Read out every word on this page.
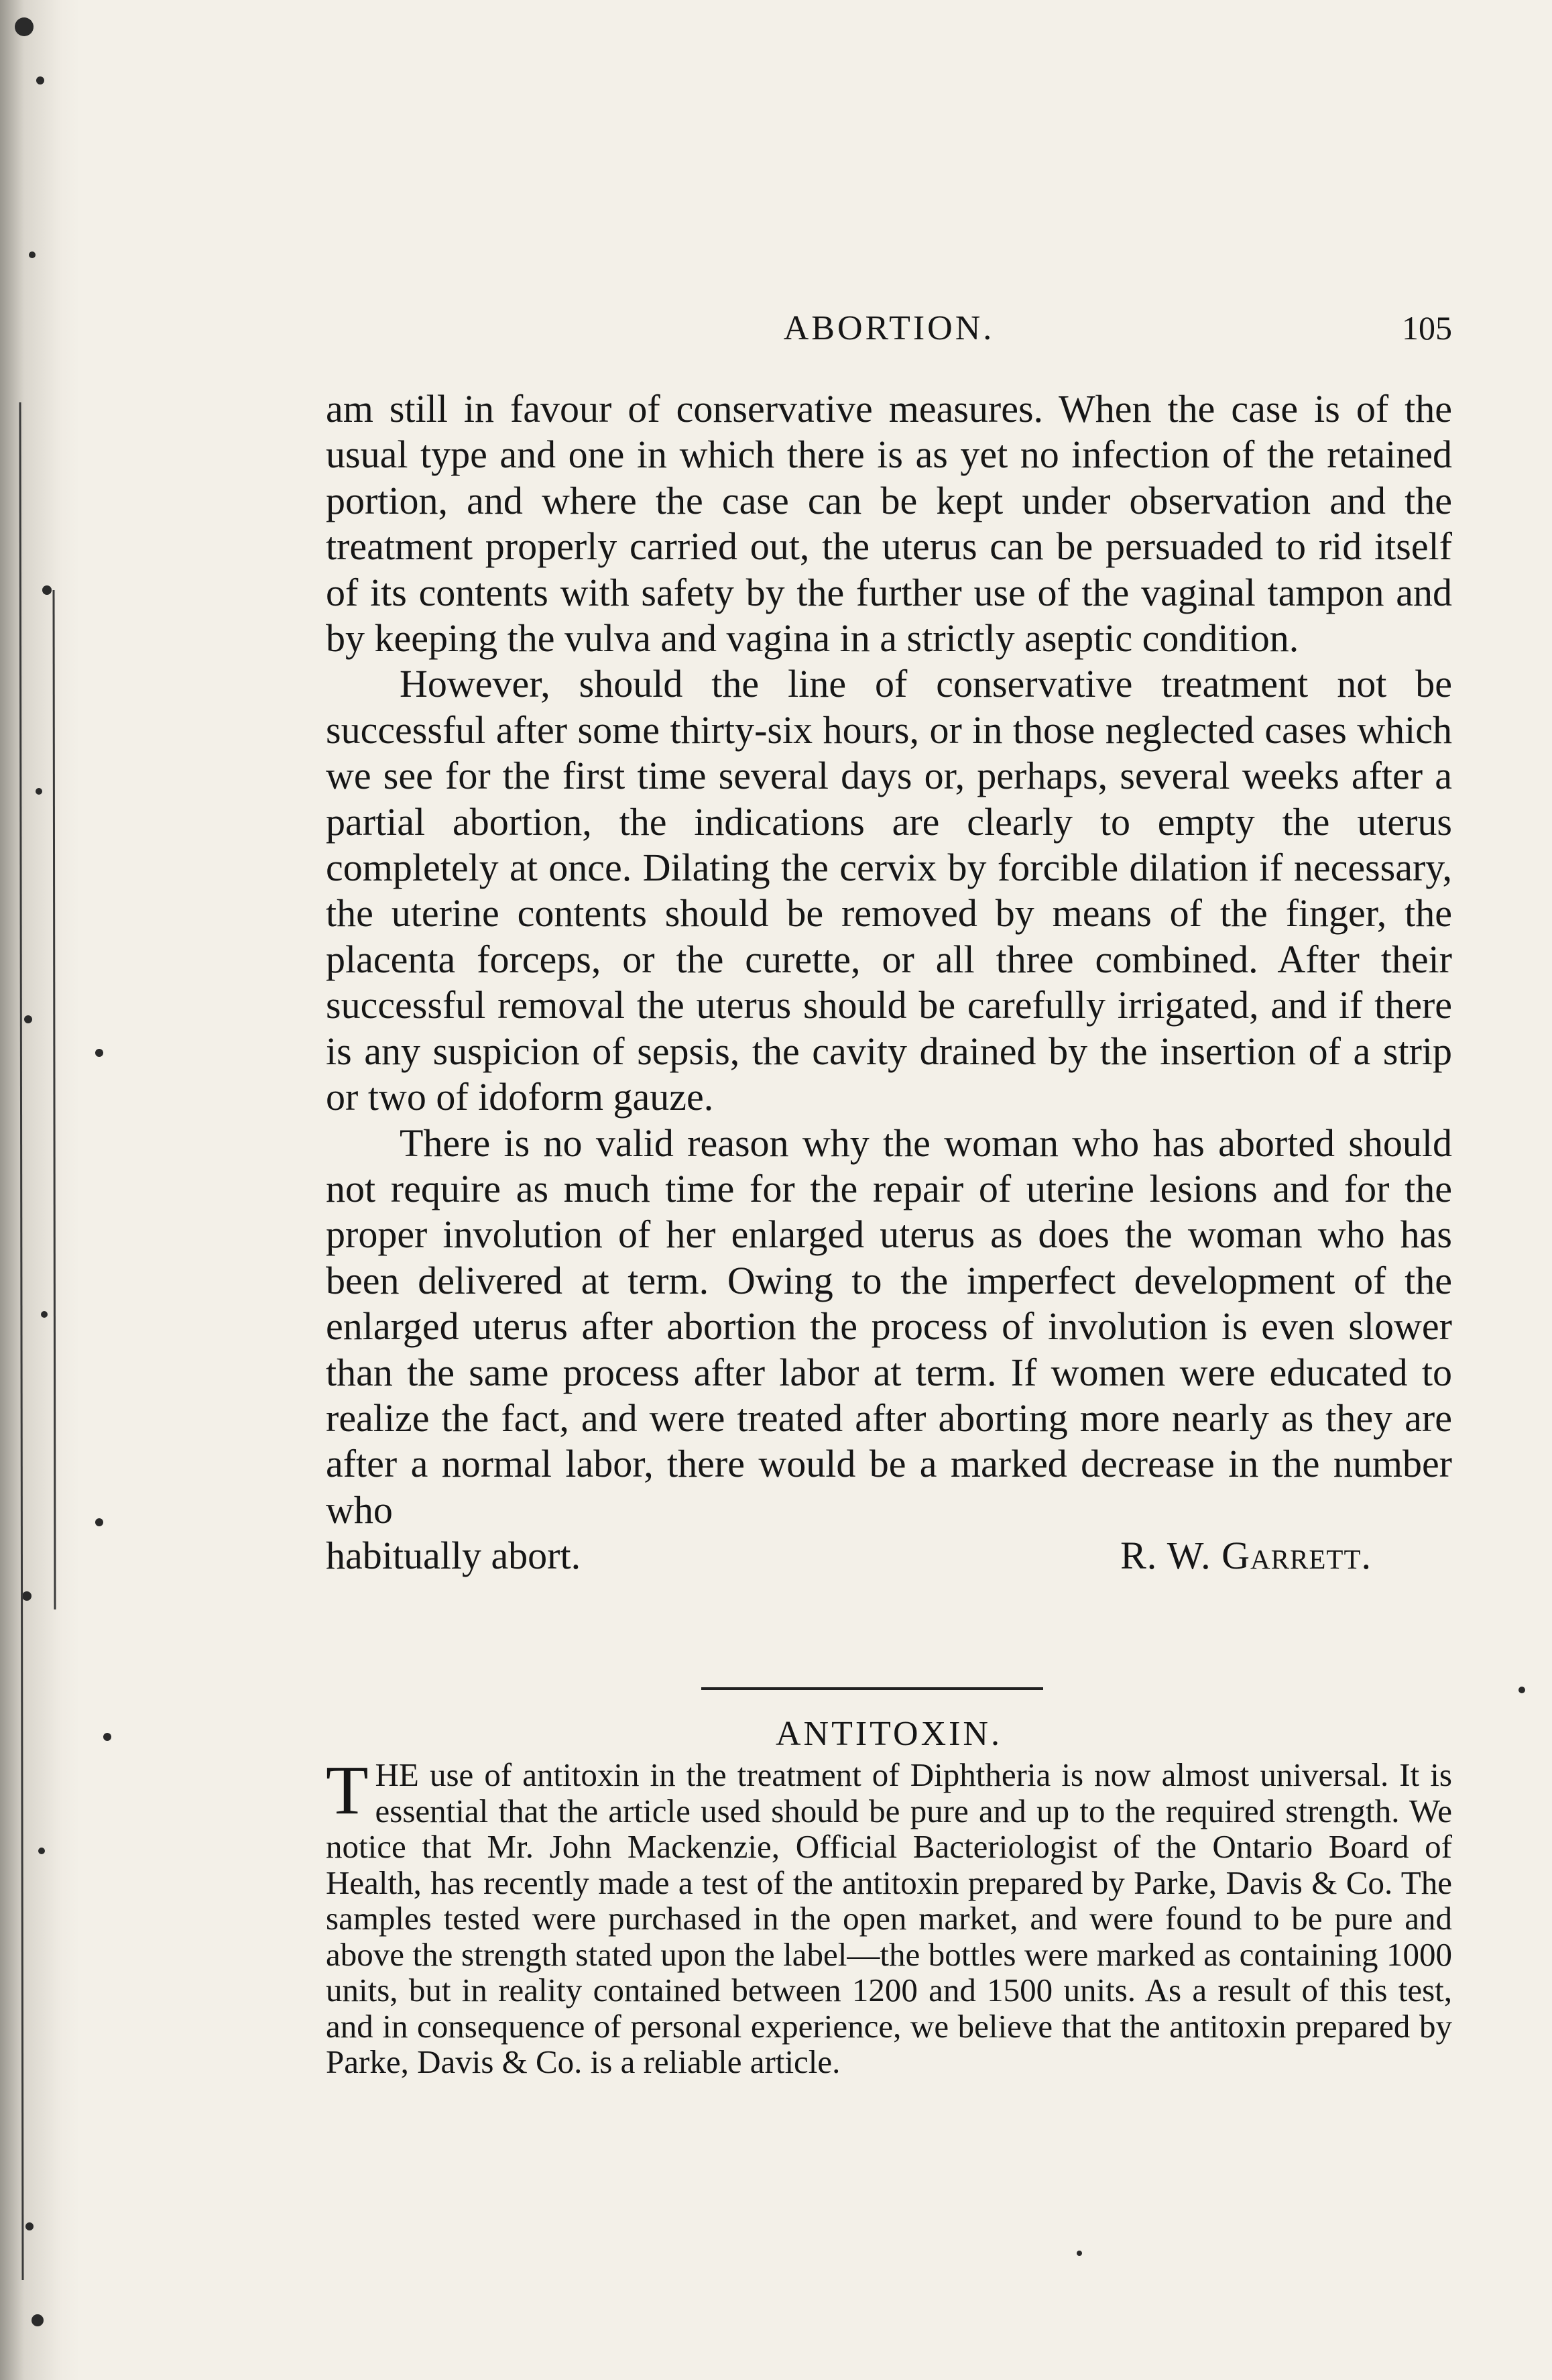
ABORTION.	105

am still in favour of conservative measures. When the case is of the usual type and one in which there is as yet no infection of the retained portion, and where the case can be kept under observation and the treatment properly carried out, the uterus can be persuaded to rid itself of its contents with safety by the further use of the vaginal tampon and by keeping the vulva and vagina in a strictly aseptic condition.

However, should the line of conservative treatment not be successful after some thirty-six hours, or in those neglected cases which we see for the first time several days or, perhaps, several weeks after a partial abortion, the indications are clearly to empty the uterus completely at once. Dilating the cervix by forcible dilation if necessary, the uterine contents should be removed by means of the finger, the placenta forceps, or the curette, or all three combined. After their successful removal the uterus should be carefully irrigated, and if there is any suspicion of sepsis, the cavity drained by the insertion of a strip or two of idoform gauze.

There is no valid reason why the woman who has aborted should not require as much time for the repair of uterine lesions and for the proper involution of her enlarged uterus as does the woman who has been delivered at term. Owing to the imperfect development of the enlarged uterus after abortion the process of involution is even slower than the same process after labor at term. If women were educated to realize the fact, and were treated after aborting more nearly as they are after a normal labor, there would be a marked decrease in the number who

habitually abort.	R. W. Garrett.
ANTITOXIN.

THE use of antitoxin in the treatment of Diphtheria is now almost universal. It is essential that the article used should be pure and up to the required strength. We notice that Mr. John Mackenzie, Official Bacteriologist of the Ontario Board of Health, has recently made a test of the antitoxin prepared by Parke, Davis & Co. The samples tested were purchased in the open market, and were found to be pure and above the strength stated upon the label—the bottles were marked as containing 1000 units, but in reality contained between 1200 and 1500 units. As a result of this test, and in consequence of personal experience, we believe that the antitoxin prepared by Parke, Davis & Co. is a reliable article.
